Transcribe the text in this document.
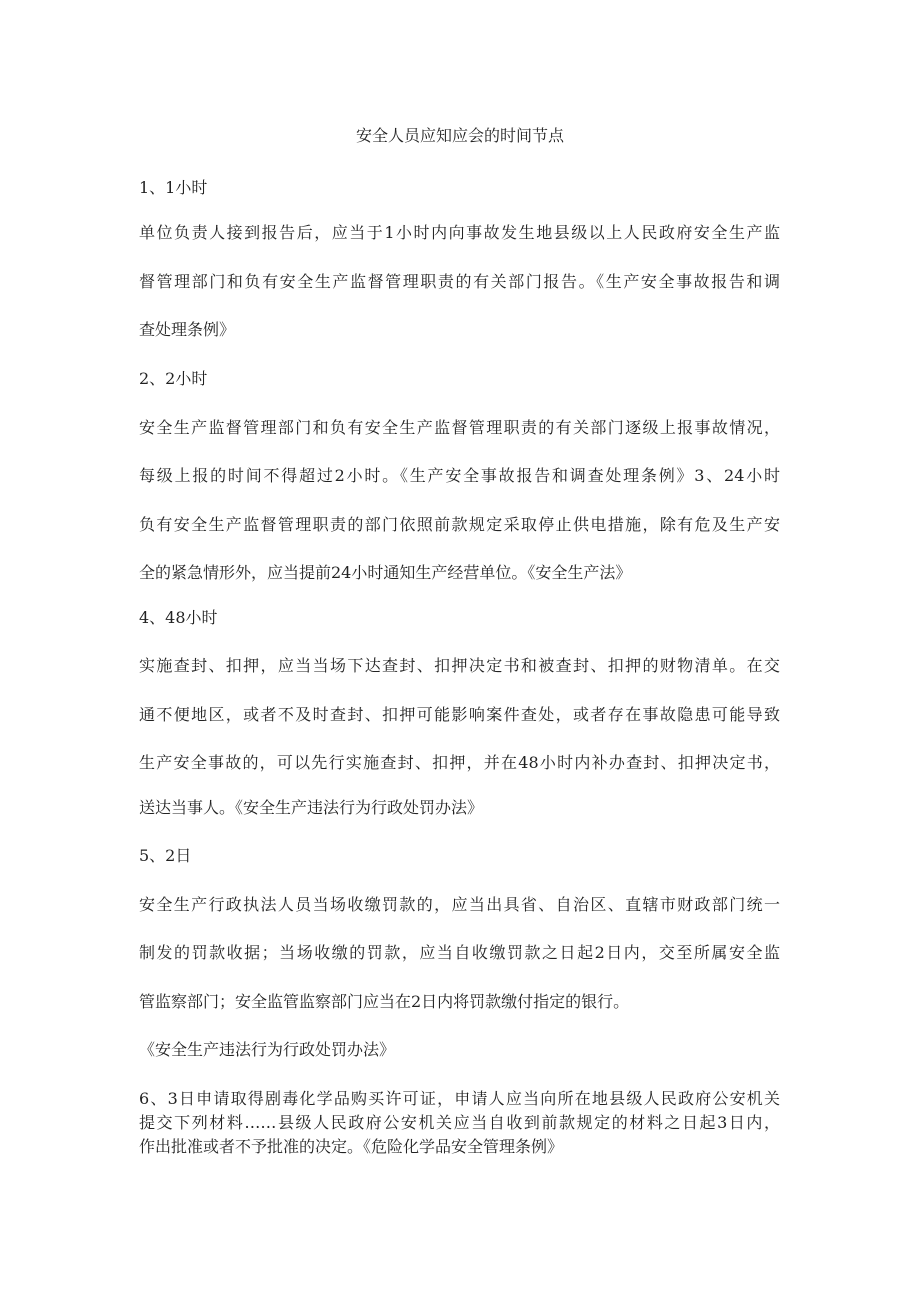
安全人员应知应会的时间节点

1、1小时

单位负责人接到报告后，应当于1小时内向事故发生地县级以上人民政府安全生产监

督管理部门和负有安全生产监督管理职责的有关部门报告。《生产安全事故报告和调

查处理条例》

2、2小时

安全生产监督管理部门和负有安全生产监督管理职责的有关部门逐级上报事故情况，

每级上报的时间不得超过2小时。《生产安全事故报告和调查处理条例》3、24小时

负有安全生产监督管理职责的部门依照前款规定采取停止供电措施，除有危及生产安

全的紧急情形外，应当提前24小时通知生产经营单位。《安全生产法》

4、48小时

实施查封、扣押，应当当场下达查封、扣押决定书和被查封、扣押的财物清单。在交

通不便地区，或者不及时查封、扣押可能影响案件查处，或者存在事故隐患可能导致

生产安全事故的，可以先行实施查封、扣押，并在48小时内补办查封、扣押决定书，

送达当事人。《安全生产违法行为行政处罚办法》

5、2日

安全生产行政执法人员当场收缴罚款的，应当出具省、自治区、直辖市财政部门统一

制发的罚款收据；当场收缴的罚款，应当自收缴罚款之日起2日内，交至所属安全监

管监察部门；安全监管监察部门应当在2日内将罚款缴付指定的银行。

《安全生产违法行为行政处罚办法》

6、3日申请取得剧毒化学品购买许可证，申请人应当向所在地县级人民政府公安机关

提交下列材料……县级人民政府公安机关应当自收到前款规定的材料之日起3日内，

作出批准或者不予批准的决定。《危险化学品安全管理条例》
